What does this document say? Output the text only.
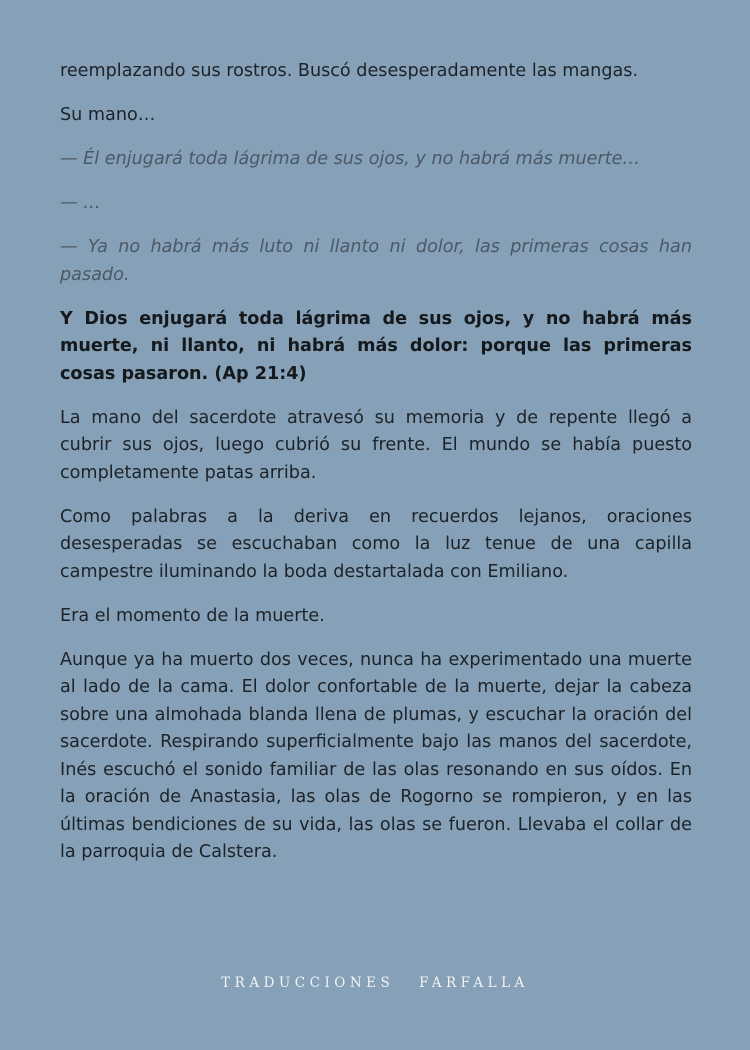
reemplazando sus rostros. Buscó desesperadamente las mangas.

Su mano…

— Él enjugará toda lágrima de sus ojos, y no habrá más muerte…

— …

— Ya no habrá más luto ni llanto ni dolor, las primeras cosas han pasado.

Y Dios enjugará toda lágrima de sus ojos, y no habrá más muerte, ni llanto, ni habrá más dolor: porque las primeras cosas pasaron. (Ap 21:4)

La mano del sacerdote atravesó su memoria y de repente llegó a cubrir sus ojos, luego cubrió su frente. El mundo se había puesto completamente patas arriba.

Como palabras a la deriva en recuerdos lejanos, oraciones desesperadas se escuchaban como la luz tenue de una capilla campestre iluminando la boda destartalada con Emiliano.

Era el momento de la muerte.

Aunque ya ha muerto dos veces, nunca ha experimentado una muerte al lado de la cama. El dolor confortable de la muerte, dejar la cabeza sobre una almohada blanda llena de plumas, y escuchar la oración del sacerdote. Respirando superficialmente bajo las manos del sacerdote, Inés escuchó el sonido familiar de las olas resonando en sus oídos. En la oración de Anastasia, las olas de Rogorno se rompieron, y en las últimas bendiciones de su vida, las olas se fueron. Llevaba el collar de la parroquia de Calstera.

TRADUCCIONES FARFALLA
